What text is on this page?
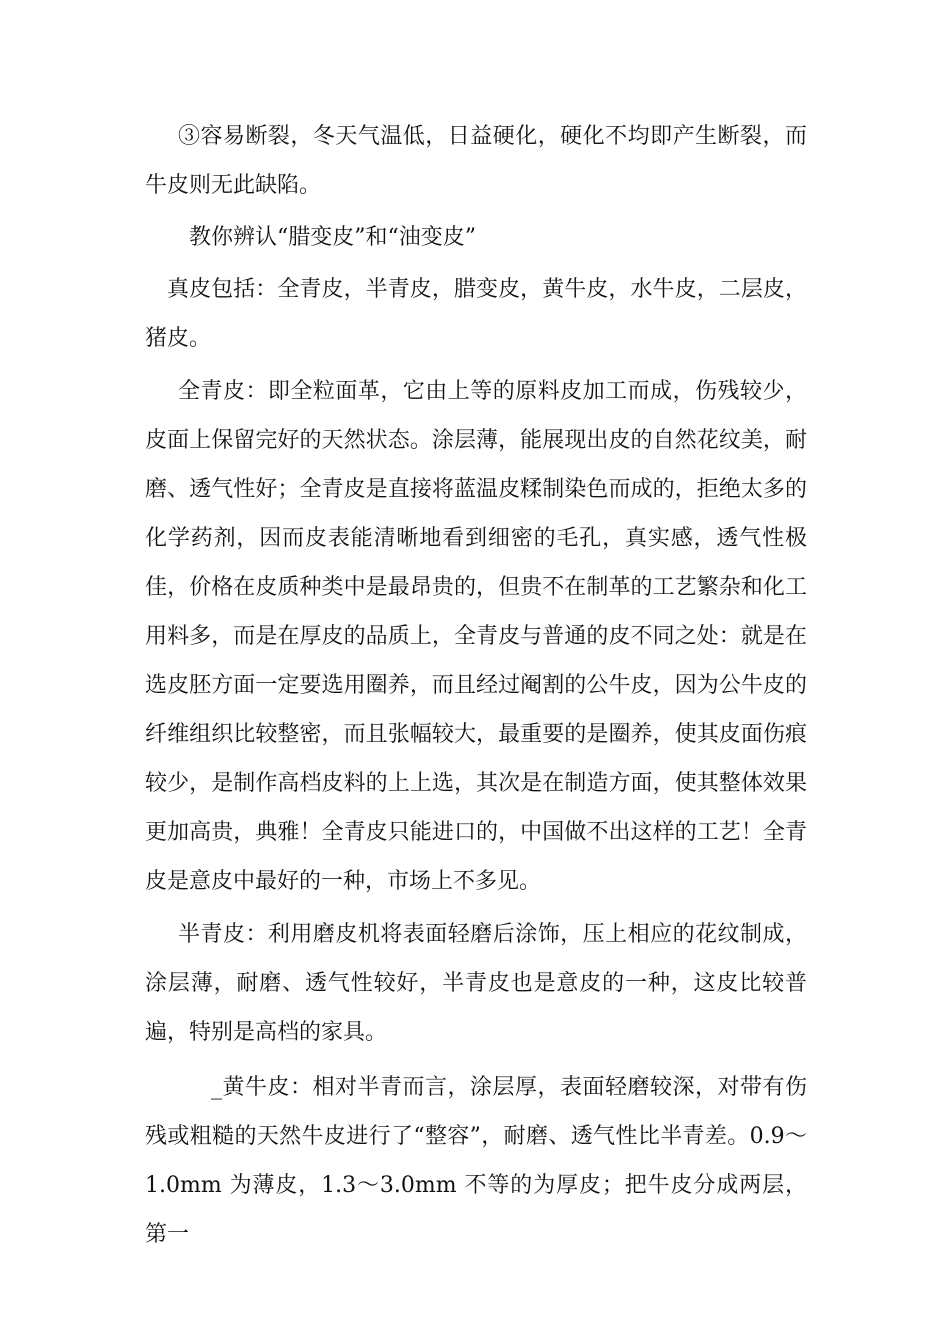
③容易断裂，冬天气温低，日益硬化，硬化不均即产生断裂，而牛皮则无此缺陷。

教你辨认“腊变皮”和“油变皮”

真皮包括：全青皮，半青皮，腊变皮，黄牛皮，水牛皮，二层皮，猪皮。

全青皮：即全粒面革，它由上等的原料皮加工而成，伤残较少，皮面上保留完好的天然状态。涂层薄，能展现出皮的自然花纹美，耐磨、透气性好；全青皮是直接将蓝温皮糅制染色而成的，拒绝太多的化学药剂，因而皮表能清晰地看到细密的毛孔，真实感，透气性极佳，价格在皮质种类中是最昂贵的，但贵不在制革的工艺繁杂和化工用料多，而是在厚皮的品质上，全青皮与普通的皮不同之处：就是在选皮胚方面一定要选用圈养，而且经过阉割的公牛皮，因为公牛皮的纤维组织比较整密，而且张幅较大，最重要的是圈养，使其皮面伤痕较少，是制作高档皮料的上上选，其次是在制造方面，使其整体效果更加高贵，典雅！全青皮只能进口的，中国做不出这样的工艺！全青皮是意皮中最好的一种，市场上不多见。

半青皮：利用磨皮机将表面轻磨后涂饰，压上相应的花纹制成，涂层薄，耐磨、透气性较好，半青皮也是意皮的一种，这皮比较普遍，特别是高档的家具。

_黄牛皮：相对半青而言，涂层厚，表面轻磨较深，对带有伤残或粗糙的天然牛皮进行了“整容”，耐磨、透气性比半青差。0.9～1.0mm 为薄皮，1.3～3.0mm 不等的为厚皮；把牛皮分成两层，第一
